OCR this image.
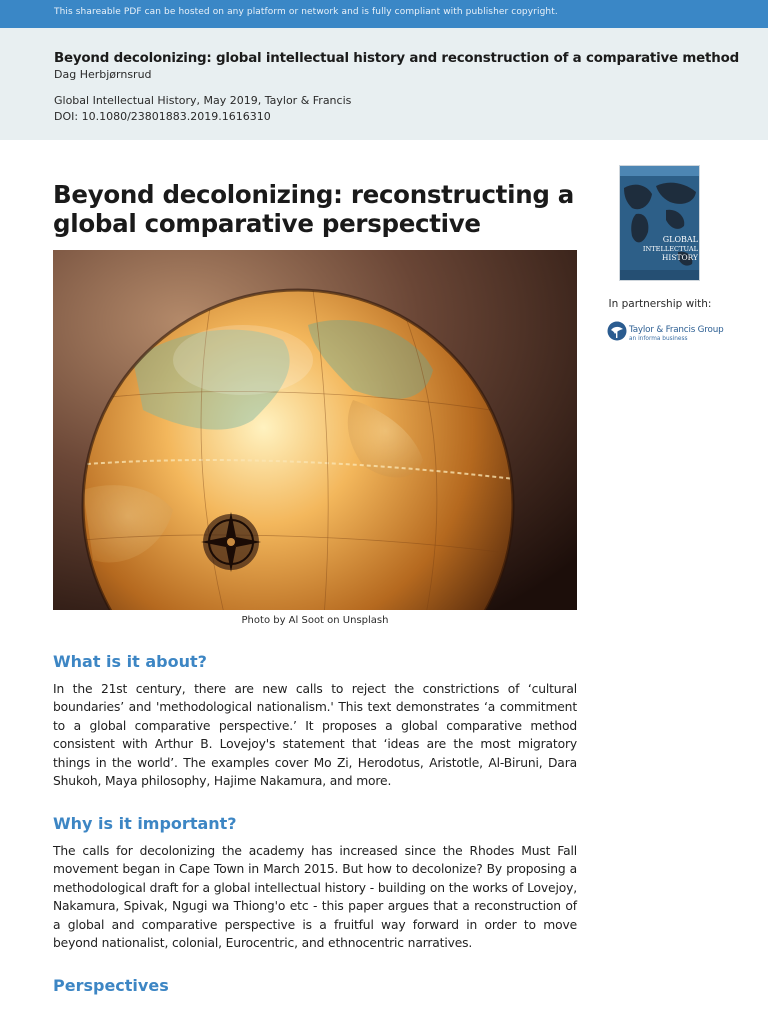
This shareable PDF can be hosted on any platform or network and is fully compliant with publisher copyright.
Beyond decolonizing: global intellectual history and reconstruction of a comparative method
Dag Herbjørnsrud
Global Intellectual History, May 2019, Taylor & Francis
DOI: 10.1080/23801883.2019.1616310
Beyond decolonizing: reconstructing a global comparative perspective
Photo by Al Soot on Unsplash
What is it about?

In the 21st century, there are new calls to reject the constrictions of ‘cultural boundaries’ and 'methodological nationalism.' This text demonstrates ‘a commitment to a global comparative perspective.’ It proposes a global comparative method consistent with Arthur B. Lovejoy's statement that ‘ideas are the most migratory things in the world’. The examples cover Mo Zi, Herodotus, Aristotle, Al-Biruni, Dara Shukoh, Maya philosophy, Hajime Nakamura, and more.

Why is it important?

The calls for decolonizing the academy has increased since the Rhodes Must Fall movement began in Cape Town in March 2015. But how to decolonize? By proposing a methodological draft for a global intellectual history - building on the works of Lovejoy, Nakamura, Spivak, Ngugi wa Thiong'o etc - this paper argues that a reconstruction of a global and comparative perspective is a fruitful way forward in order to move beyond nationalist, colonial, Eurocentric, and ethnocentric narratives.

Perspectives
GLOBAL
INTELLECTUAL
HISTORY
In partnership with:
Taylor & Francis Group
an informa business
